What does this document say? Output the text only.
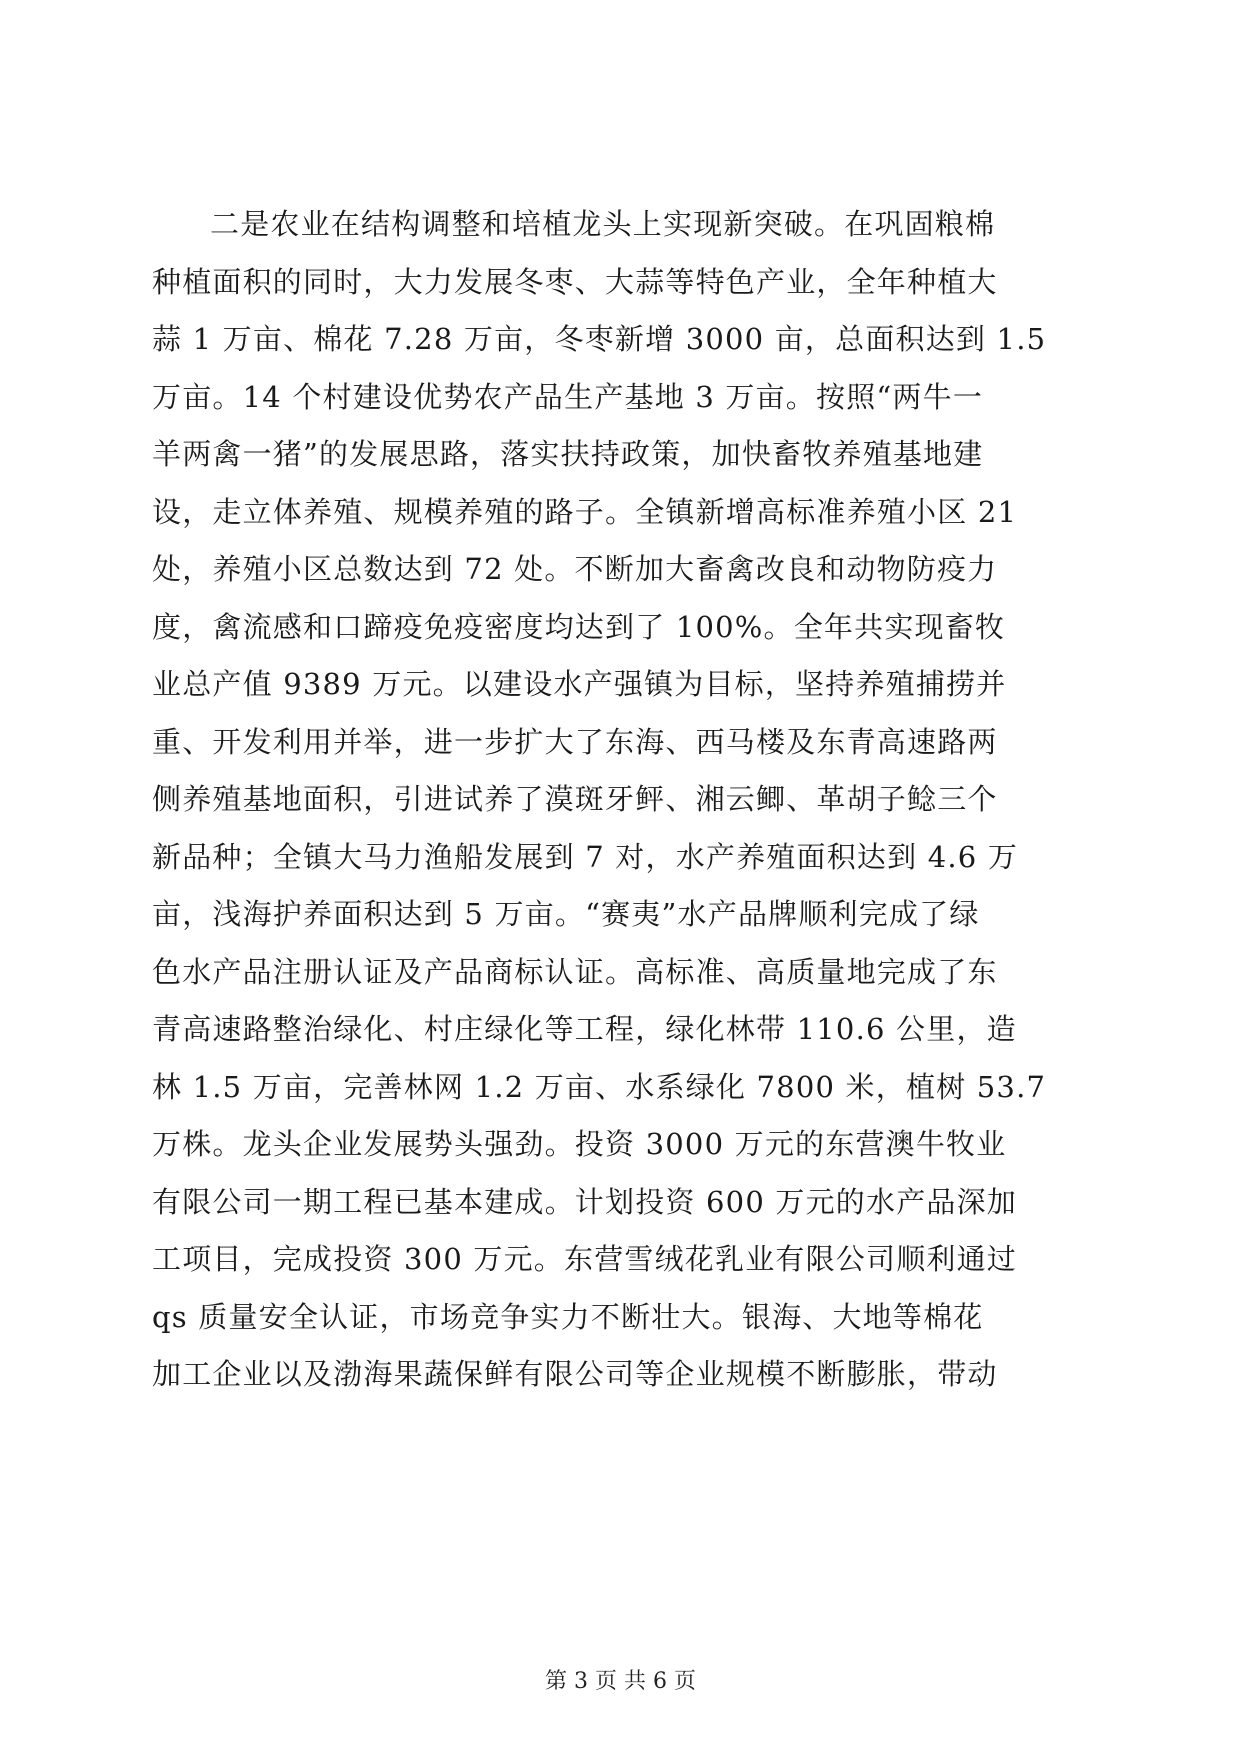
二是农业在结构调整和培植龙头上实现新突破。在巩固粮棉
种植面积的同时，大力发展冬枣、大蒜等特色产业，全年种植大
蒜 1 万亩、棉花 7.28 万亩，冬枣新增 3000 亩，总面积达到 1.5
万亩。14 个村建设优势农产品生产基地 3 万亩。按照“两牛一
羊两禽一猪”的发展思路，落实扶持政策，加快畜牧养殖基地建
设，走立体养殖、规模养殖的路子。全镇新增高标准养殖小区 21
处，养殖小区总数达到 72 处。不断加大畜禽改良和动物防疫力
度，禽流感和口蹄疫免疫密度均达到了 100%。全年共实现畜牧
业总产值 9389 万元。以建设水产强镇为目标，坚持养殖捕捞并
重、开发利用并举，进一步扩大了东海、西马楼及东青高速路两
侧养殖基地面积，引进试养了漠斑牙鲆、湘云鲫、革胡子鲶三个
新品种；全镇大马力渔船发展到 7 对，水产养殖面积达到 4.6 万
亩，浅海护养面积达到 5 万亩。“赛夷”水产品牌顺利完成了绿
色水产品注册认证及产品商标认证。高标准、高质量地完成了东
青高速路整治绿化、村庄绿化等工程，绿化林带 110.6 公里，造
林 1.5 万亩，完善林网 1.2 万亩、水系绿化 7800 米，植树 53.7
万株。龙头企业发展势头强劲。投资 3000 万元的东营澳牛牧业
有限公司一期工程已基本建成。计划投资 600 万元的水产品深加
工项目，完成投资 300 万元。东营雪绒花乳业有限公司顺利通过
qs 质量安全认证，市场竞争实力不断壮大。银海、大地等棉花
加工企业以及渤海果蔬保鲜有限公司等企业规模不断膨胀，带动
第 3 页 共 6 页
